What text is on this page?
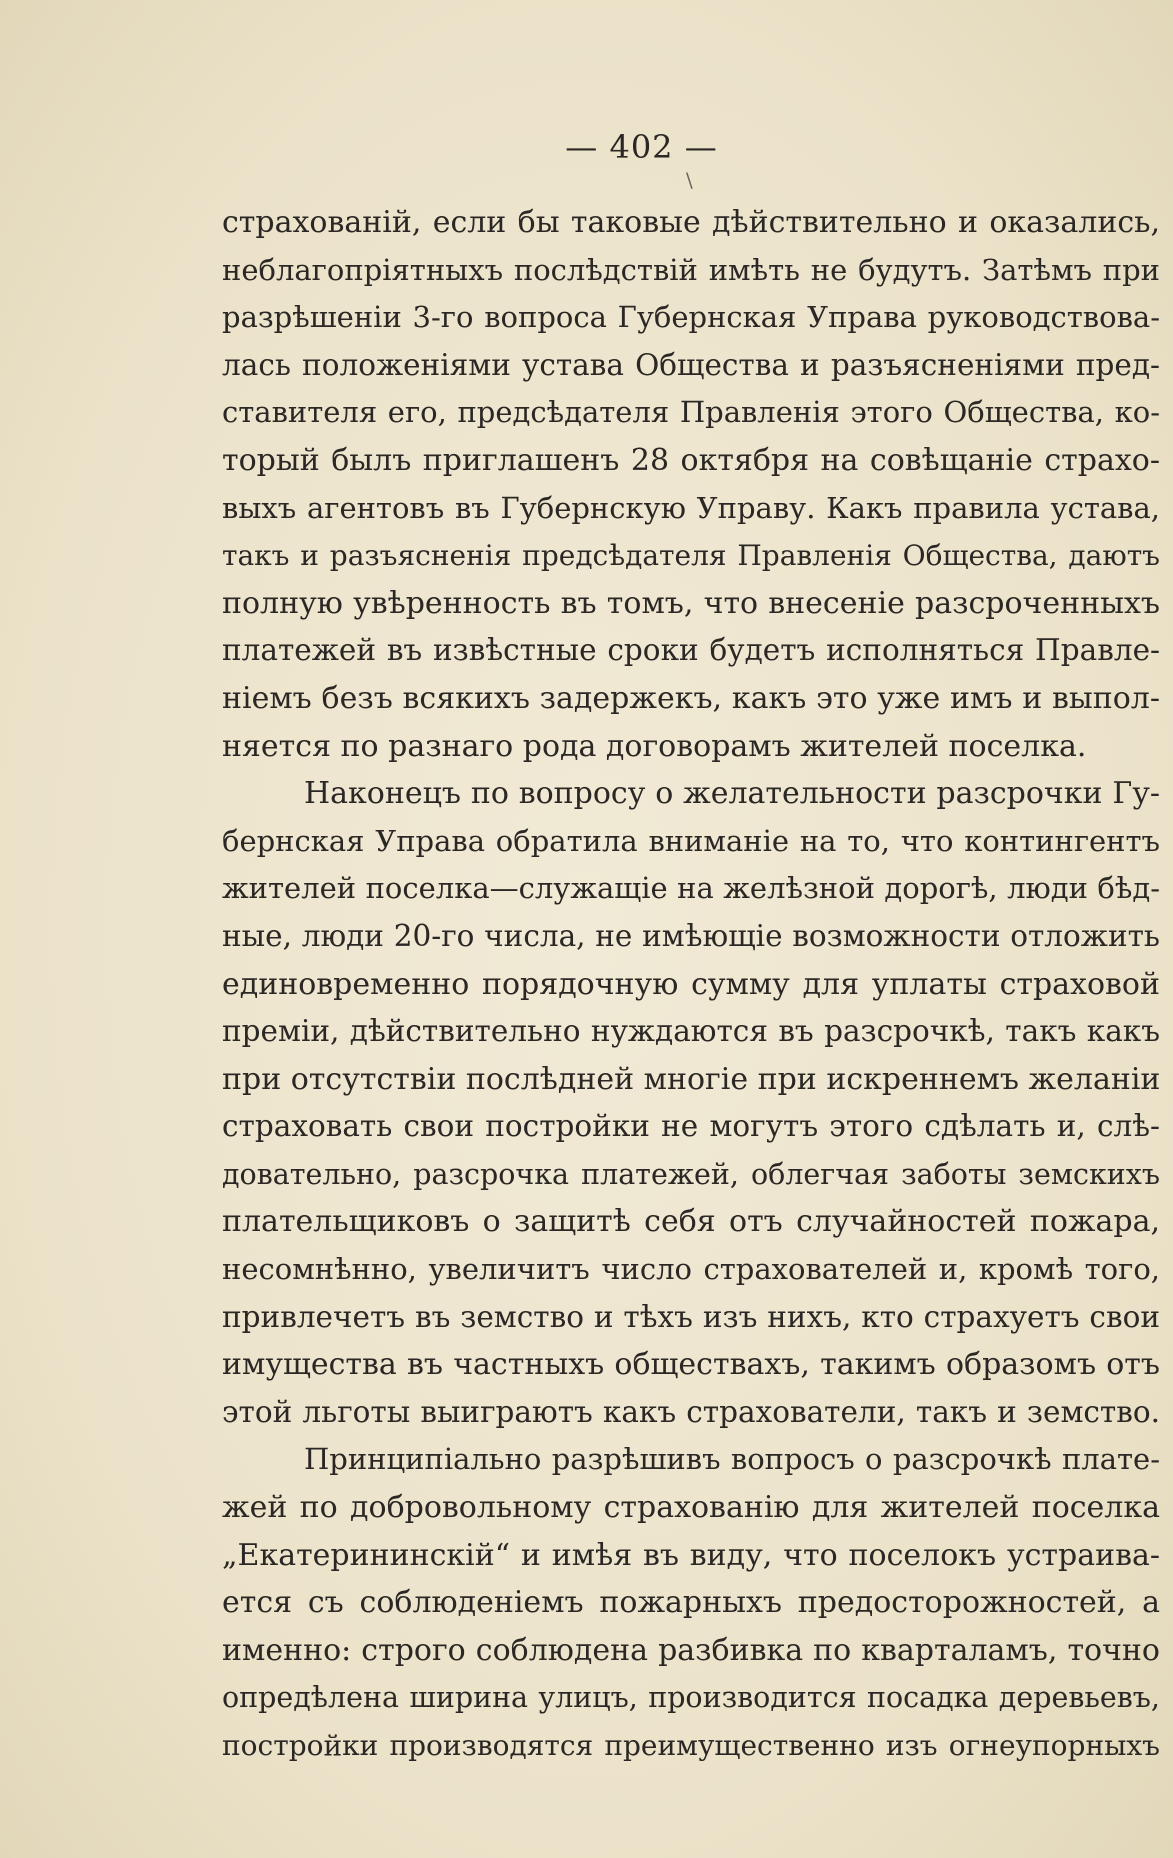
— 402 —
\
страхованій, если бы таковые дѣйствительно и оказались,
неблагопріятныхъ послѣдствій имѣть не будутъ. Затѣмъ при
разрѣшеніи 3-го вопроса Губернская Управа руководствова-
лась положеніями устава Общества и разъясненіями пред-
ставителя его, предсѣдателя Правленія этого Общества, ко-
торый былъ приглашенъ 28 октября на совѣщаніе страхо-
выхъ агентовъ въ Губернскую Управу. Какъ правила устава,
такъ и разъясненія предсѣдателя Правленія Общества, даютъ
полную увѣренность въ томъ, что внесеніе разсроченныхъ
платежей въ извѣстные сроки будетъ исполняться Правле-
ніемъ безъ всякихъ задержекъ, какъ это уже имъ и выпол-
няется по разнаго рода договорамъ жителей поселка.
Наконецъ по вопросу о желательности разсрочки Гу-
бернская Управа обратила вниманіе на то, что контингентъ
жителей поселка—служащіе на желѣзной дорогѣ, люди бѣд-
ные, люди 20-го числа, не имѣющіе возможности отложить
единовременно порядочную сумму для уплаты страховой
преміи, дѣйствительно нуждаются въ разсрочкѣ, такъ какъ
при отсутствіи послѣдней многіе при искреннемъ желаніи
страховать свои постройки не могутъ этого сдѣлать и, слѣ-
довательно, разсрочка платежей, облегчая заботы земскихъ
плательщиковъ о защитѣ себя отъ случайностей пожара,
несомнѣнно, увеличитъ число страхователей и, кромѣ того,
привлечетъ въ земство и тѣхъ изъ нихъ, кто страхуетъ свои
имущества въ частныхъ обществахъ, такимъ образомъ отъ
этой льготы выиграютъ какъ страхователи, такъ и земство.
Принципіально разрѣшивъ вопросъ о разсрочкѣ плате-
жей по добровольному страхованію для жителей поселка
„Екатерининскій“ и имѣя въ виду, что поселокъ устраива-
ется съ соблюденіемъ пожарныхъ предосторожностей, а
именно: строго соблюдена разбивка по кварталамъ, точно
опредѣлена ширина улицъ, производится посадка деревьевъ,
постройки производятся преимущественно изъ огнеупорныхъ
